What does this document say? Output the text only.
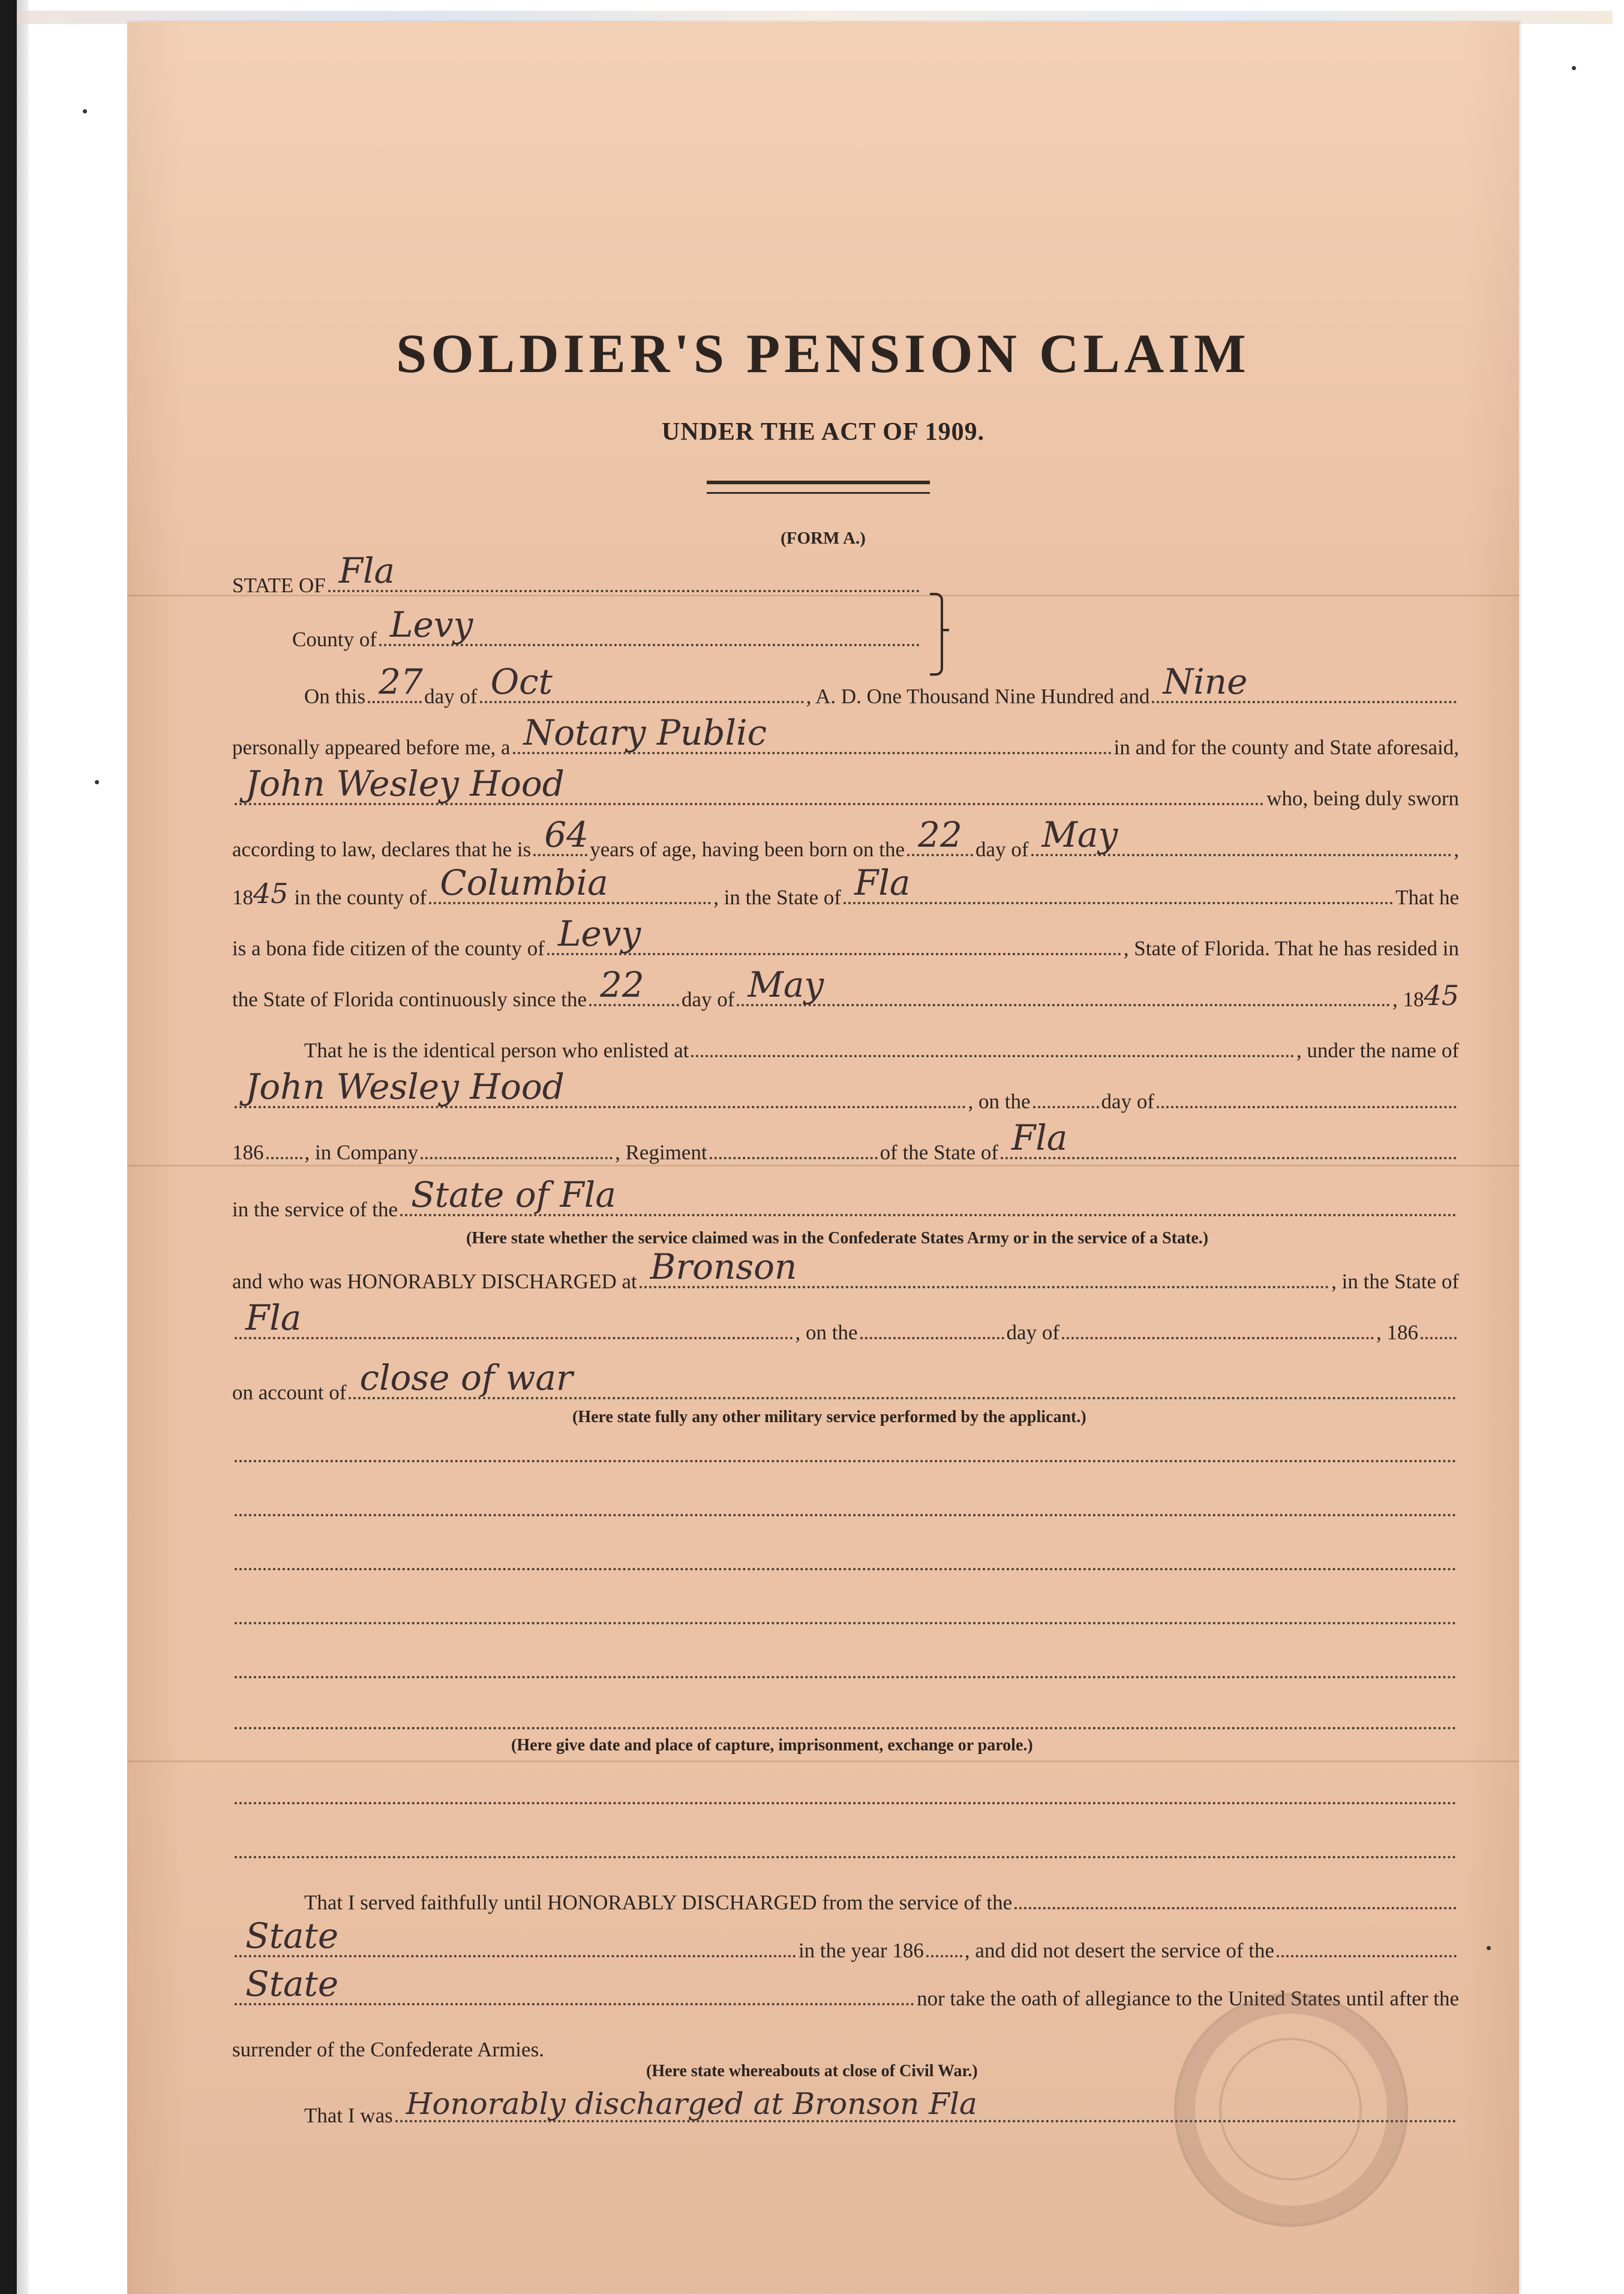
SOLDIER'S PENSION CLAIM
UNDER THE ACT OF 1909.
(FORM A.)
STATE OF Fla
County of Levy
On this 27 day of Oct	, A. D. One Thousand Nine Hundred and Nine
personally appeared before me, a Notary Public	in and for the county and State aforesaid,
John Wesley Hood	who, being duly sworn
according to law, declares that he is 64 years of age, having been born on the 22 day of May	,
18 45 in the county of Columbia	, in the State of Fla	That he
is a bona fide citizen of the county of Levy	, State of Florida. That he has resided in
the State of Florida continuously since the 22 day of May	, 18 45
That he is the identical person who enlisted at	, under the name of
John Wesley Hood	, on the	day of
186 , in Company	, Regiment	of the State of Fla
in the service of the State of Fla
(Here state whether the service claimed was in the Confederate States Army or in the service of a State.)
and who was HONORABLY DISCHARGED at Bronson	, in the State of
Fla	, on the	day of	, 186
on account of close of war
(Here state fully any other military service performed by the applicant.)
(Here give date and place of capture, imprisonment, exchange or parole.)
That I served faithfully until HONORABLY DISCHARGED from the service of the
State	in the year 186 , and did not desert the service of the
State	nor take the oath of allegiance to the United States until after the
surrender of the Confederate Armies.
(Here state whereabouts at close of Civil War.)
That I was Honorably discharged at Bronson Fla
